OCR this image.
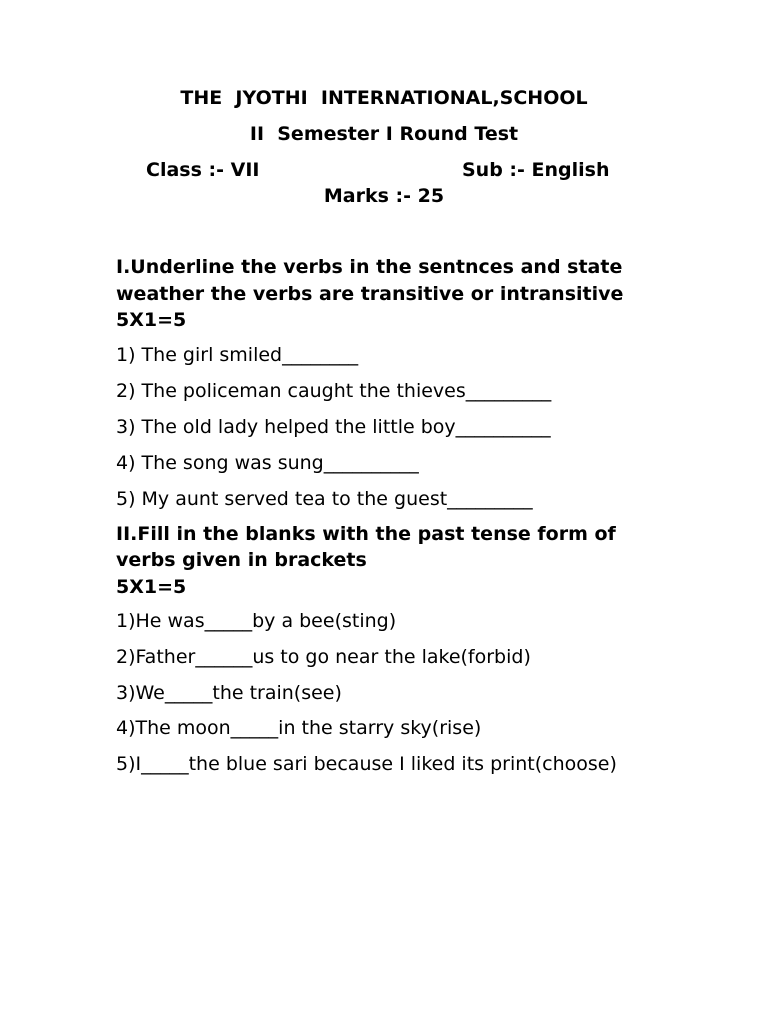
THE  JYOTHI  INTERNATIONAL,SCHOOL
II  Semester I Round Test
Class :- VII	Sub :- English
Marks :- 25
I.Underline the verbs in the sentnces and state
weather the verbs are transitive or intransitive
5X1=5
1) The girl smiled________
2) The policeman caught the thieves_________
3) The old lady helped the little boy__________
4) The song was sung__________
5) My aunt served tea to the guest_________
II.Fill in the blanks with the past tense form of
verbs given in brackets
5X1=5
1)He was_____by a bee(sting)
2)Father______us to go near the lake(forbid)
3)We_____the train(see)
4)The moon_____in the starry sky(rise)
5)I_____the blue sari because I liked its print(choose)
